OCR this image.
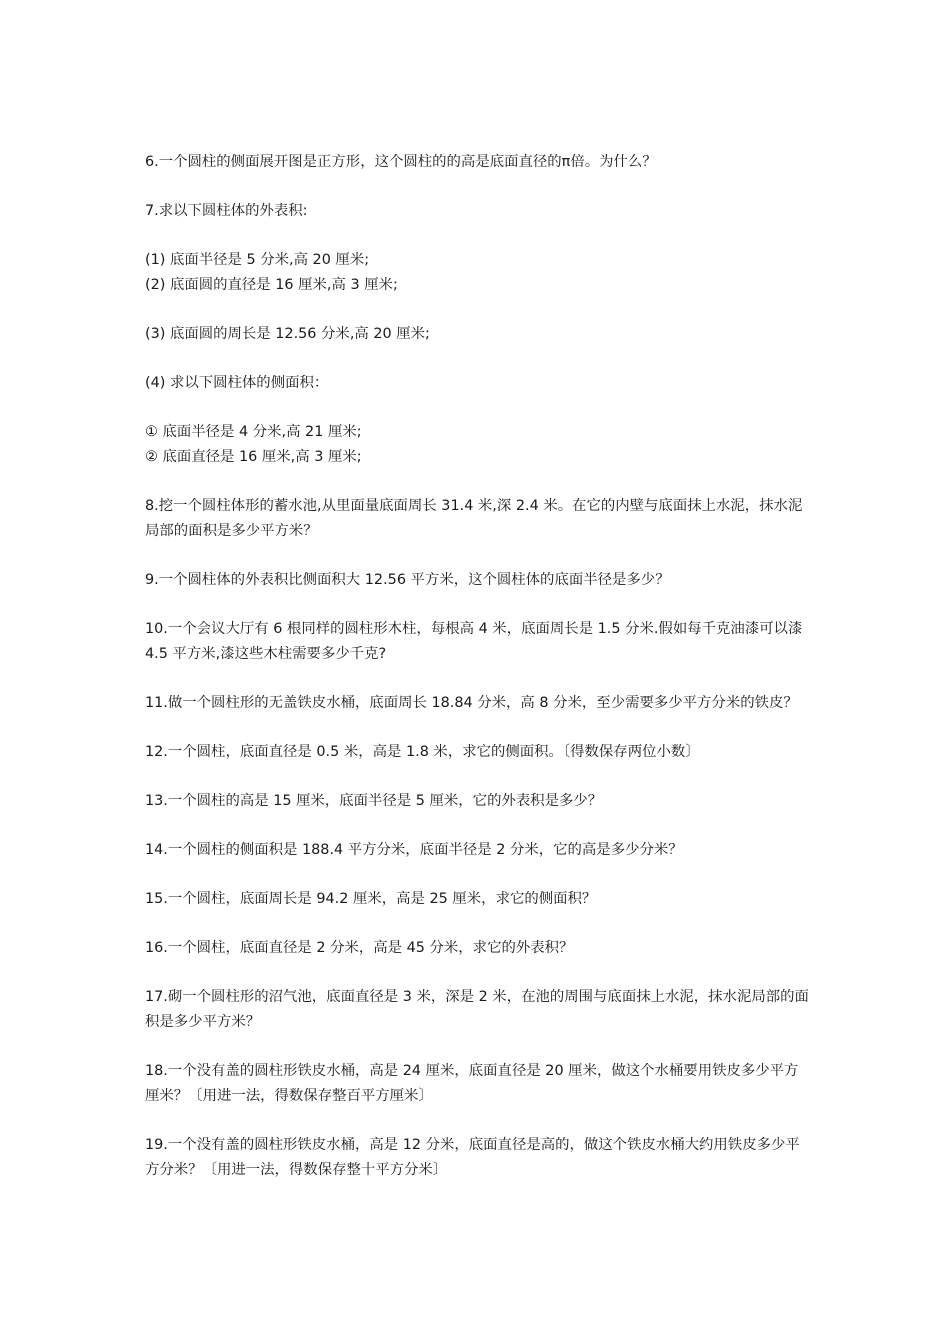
6.一个圆柱的侧面展开图是正方形，这个圆柱的的高是底面直径的π倍。为什么？

7.求以下圆柱体的外表积:

(1) 底面半径是 5 分米,高 20 厘米;

(2) 底面圆的直径是 16 厘米,高 3 厘米;

(3) 底面圆的周长是 12.56 分米,高 20 厘米;

(4) 求以下圆柱体的侧面积：

① 底面半径是 4 分米,高 21 厘米;

② 底面直径是 16 厘米,高 3 厘米;

8.挖一个圆柱体形的蓄水池,从里面量底面周长 31.4 米,深 2.4 米。在它的内壁与底面抹上水泥，抹水泥局部的面积是多少平方米？

9.一个圆柱体的外表积比侧面积大 12.56 平方米，这个圆柱体的底面半径是多少？

10.一个会议大厅有 6 根同样的圆柱形木柱，每根高 4 米，底面周长是 1.5 分米.假如每千克油漆可以漆 4.5 平方米,漆这些木柱需要多少千克?

11.做一个圆柱形的无盖铁皮水桶，底面周长 18.84 分米，高 8 分米，至少需要多少平方分米的铁皮？

12.一个圆柱，底面直径是 0.5 米，高是 1.8 米，求它的侧面积。〔得数保存两位小数〕

13.一个圆柱的高是 15 厘米，底面半径是 5 厘米，它的外表积是多少？

14.一个圆柱的侧面积是 188.4 平方分米，底面半径是 2 分米，它的高是多少分米？

15.一个圆柱，底面周长是 94.2 厘米，高是 25 厘米，求它的侧面积？

16.一个圆柱，底面直径是 2 分米，高是 45 分米，求它的外表积？

17.砌一个圆柱形的沼气池，底面直径是 3 米，深是 2 米，在池的周围与底面抹上水泥，抹水泥局部的面积是多少平方米？

18.一个没有盖的圆柱形铁皮水桶，高是 24 厘米，底面直径是 20 厘米，做这个水桶要用铁皮多少平方厘米？〔用进一法，得数保存整百平方厘米〕

19.一个没有盖的圆柱形铁皮水桶，高是 12 分米，底面直径是高的，做这个铁皮水桶大约用铁皮多少平方分米？〔用进一法，得数保存整十平方分米〕
